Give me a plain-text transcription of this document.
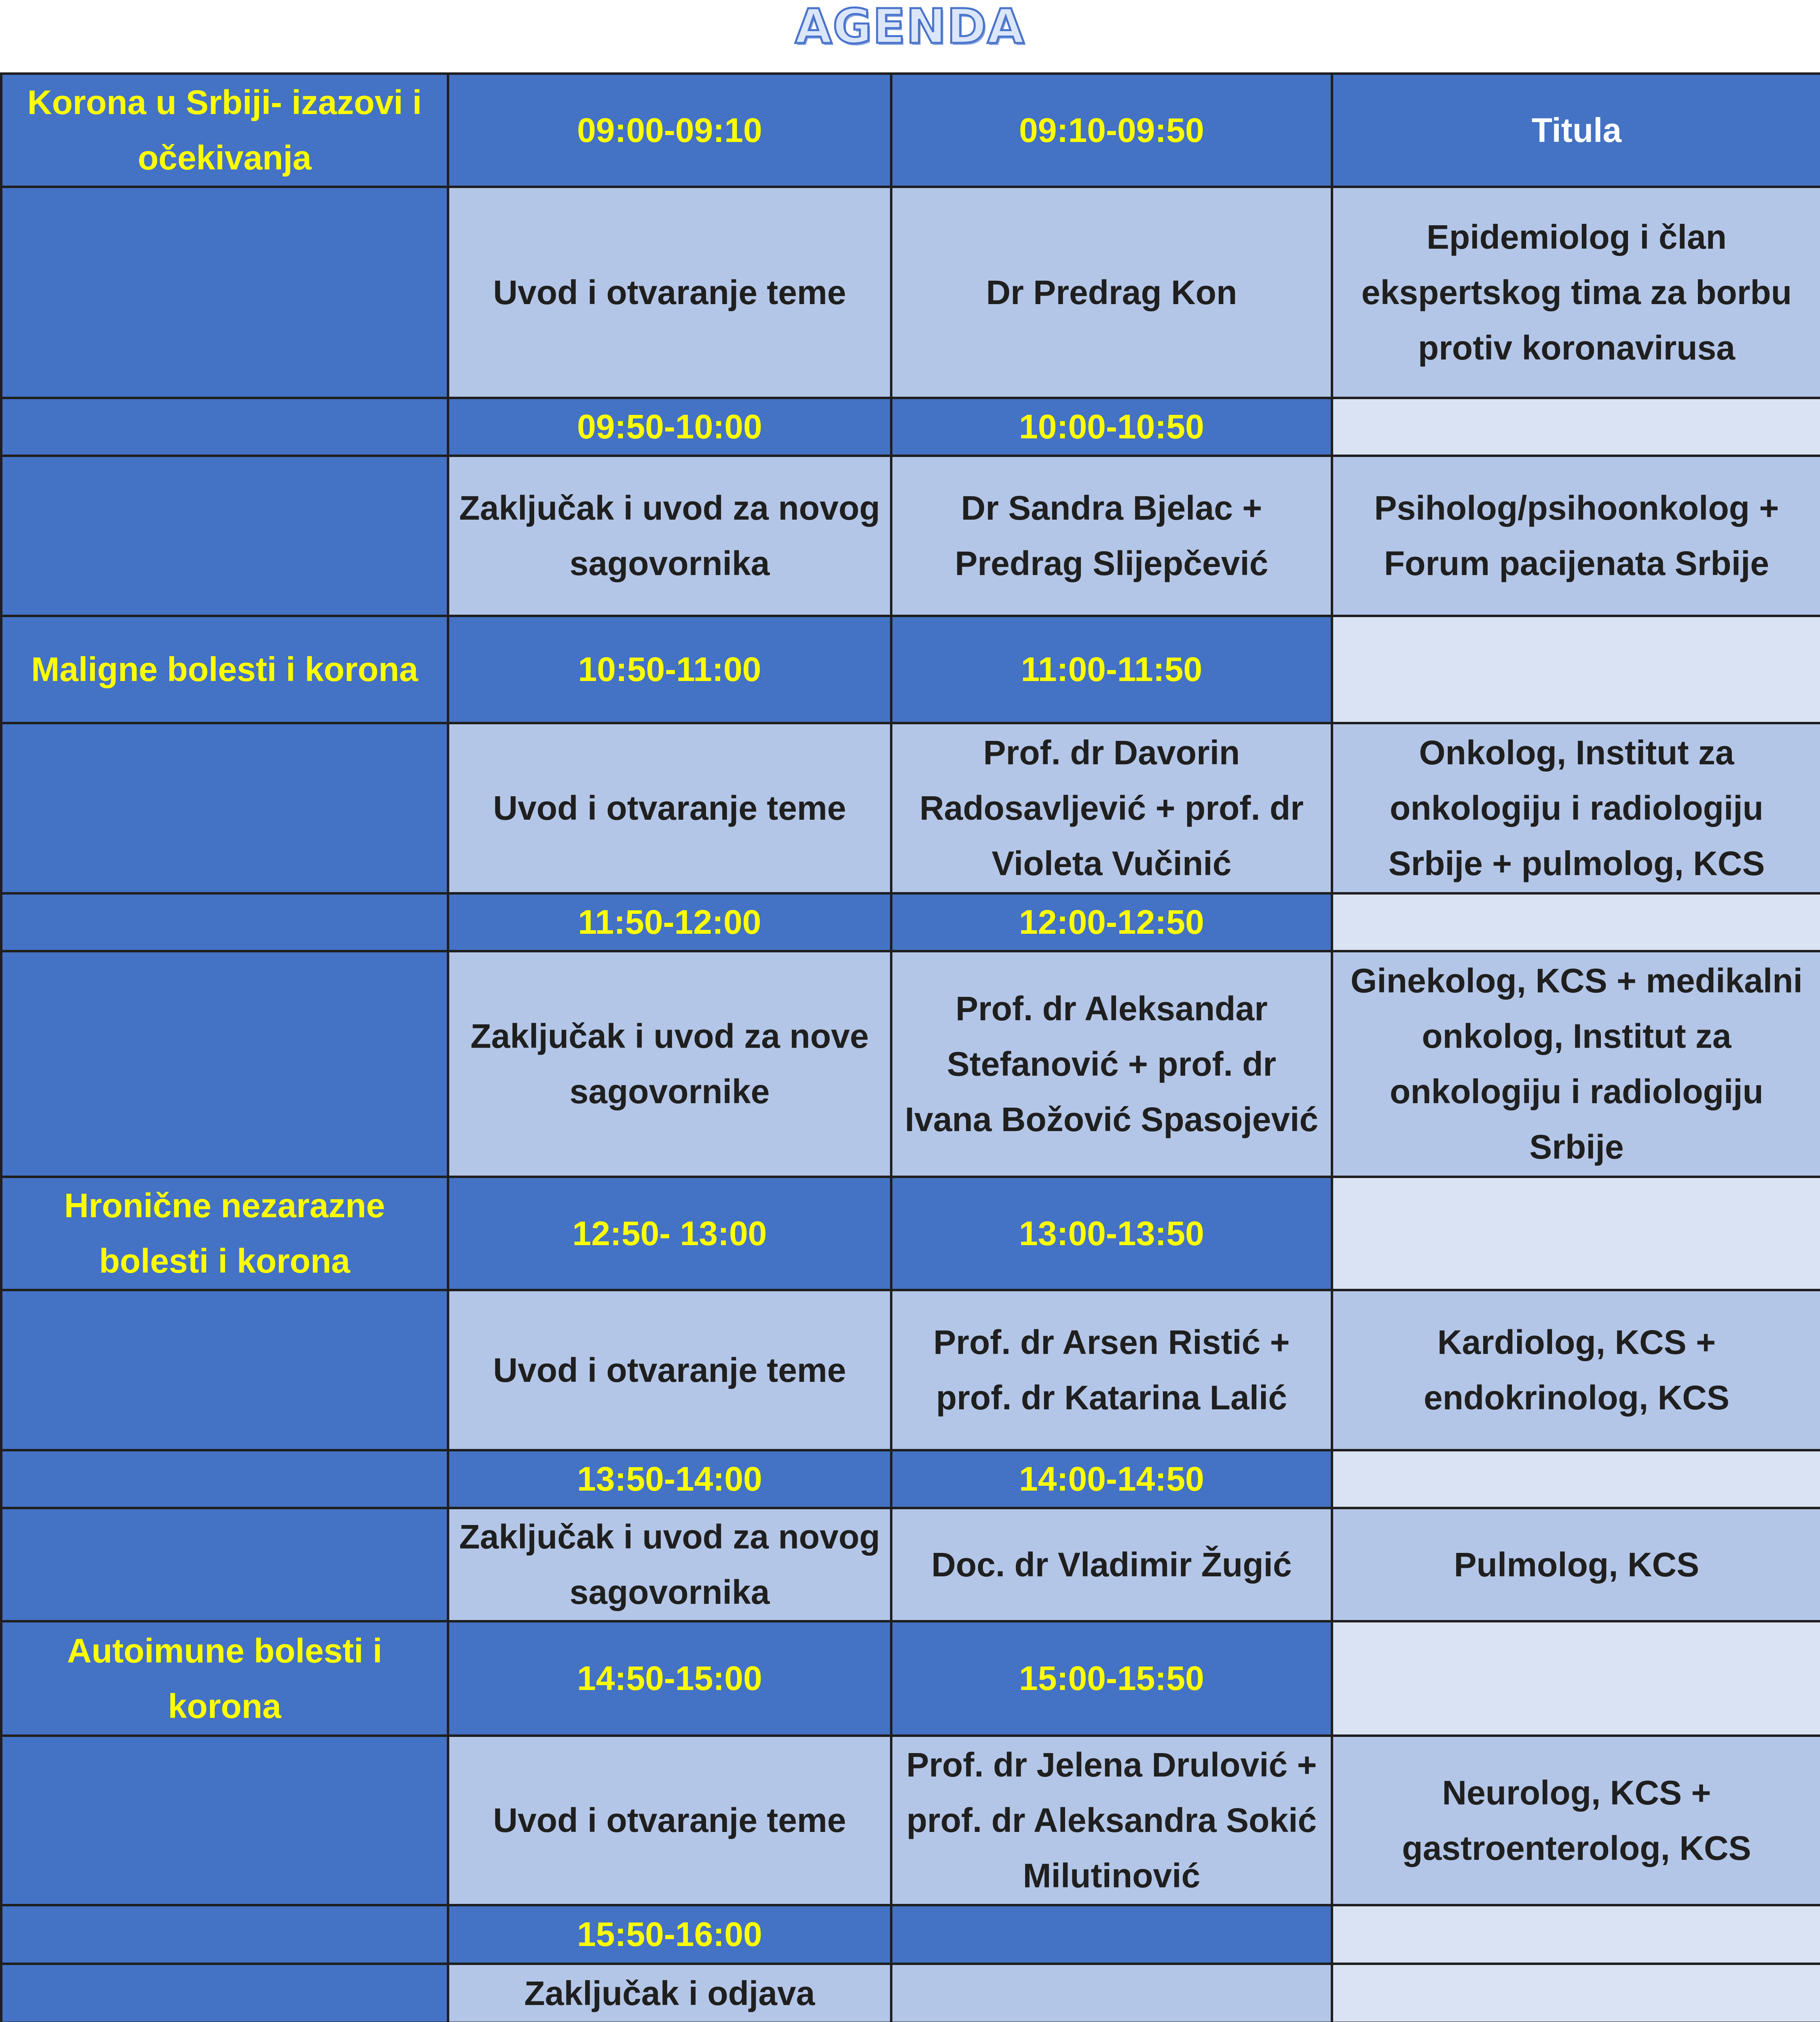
AGENDA
Korona u Srbiji- izazovi i očekivanja	09:00-09:10	09:10-09:50	Titula

	Uvod i otvaranje teme	Dr Predrag Kon	Epidemiolog i član ekspertskog tima za borbu protiv koronavirusa

	09:50-10:00	10:00-10:50	

	Zaključak i uvod za novog sagovornika	Dr Sandra Bjelac + Predrag Slijepčević	Psiholog/psihoonkolog + Forum pacijenata Srbije

Maligne bolesti i korona	10:50-11:00	11:00-11:50	

	Uvod i otvaranje teme	Prof. dr Davorin Radosavljević + prof. dr Violeta Vučinić	Onkolog, Institut za onkologiju i radiologiju Srbije + pulmolog, KCS

	11:50-12:00	12:00-12:50	

	Zaključak i uvod za nove sagovornike	Prof. dr Aleksandar Stefanović + prof. dr Ivana Božović Spasojević	Ginekolog, KCS + medikalni onkolog, Institut za onkologiju i radiologiju Srbije

Hronične nezarazne bolesti i korona	12:50- 13:00	13:00-13:50	

	Uvod i otvaranje teme	Prof. dr Arsen Ristić + prof. dr Katarina Lalić	Kardiolog, KCS + endokrinolog, KCS

	13:50-14:00	14:00-14:50	

	Zaključak i uvod za novog sagovornika	Doc. dr Vladimir Žugić	Pulmolog, KCS

Autoimune bolesti i korona	14:50-15:00	15:00-15:50	

	Uvod i otvaranje teme	Prof. dr Jelena Drulović + prof. dr Aleksandra Sokić Milutinović	Neurolog, KCS + gastroenterolog, KCS

	15:50-16:00		

	Zaključak i odjava		
